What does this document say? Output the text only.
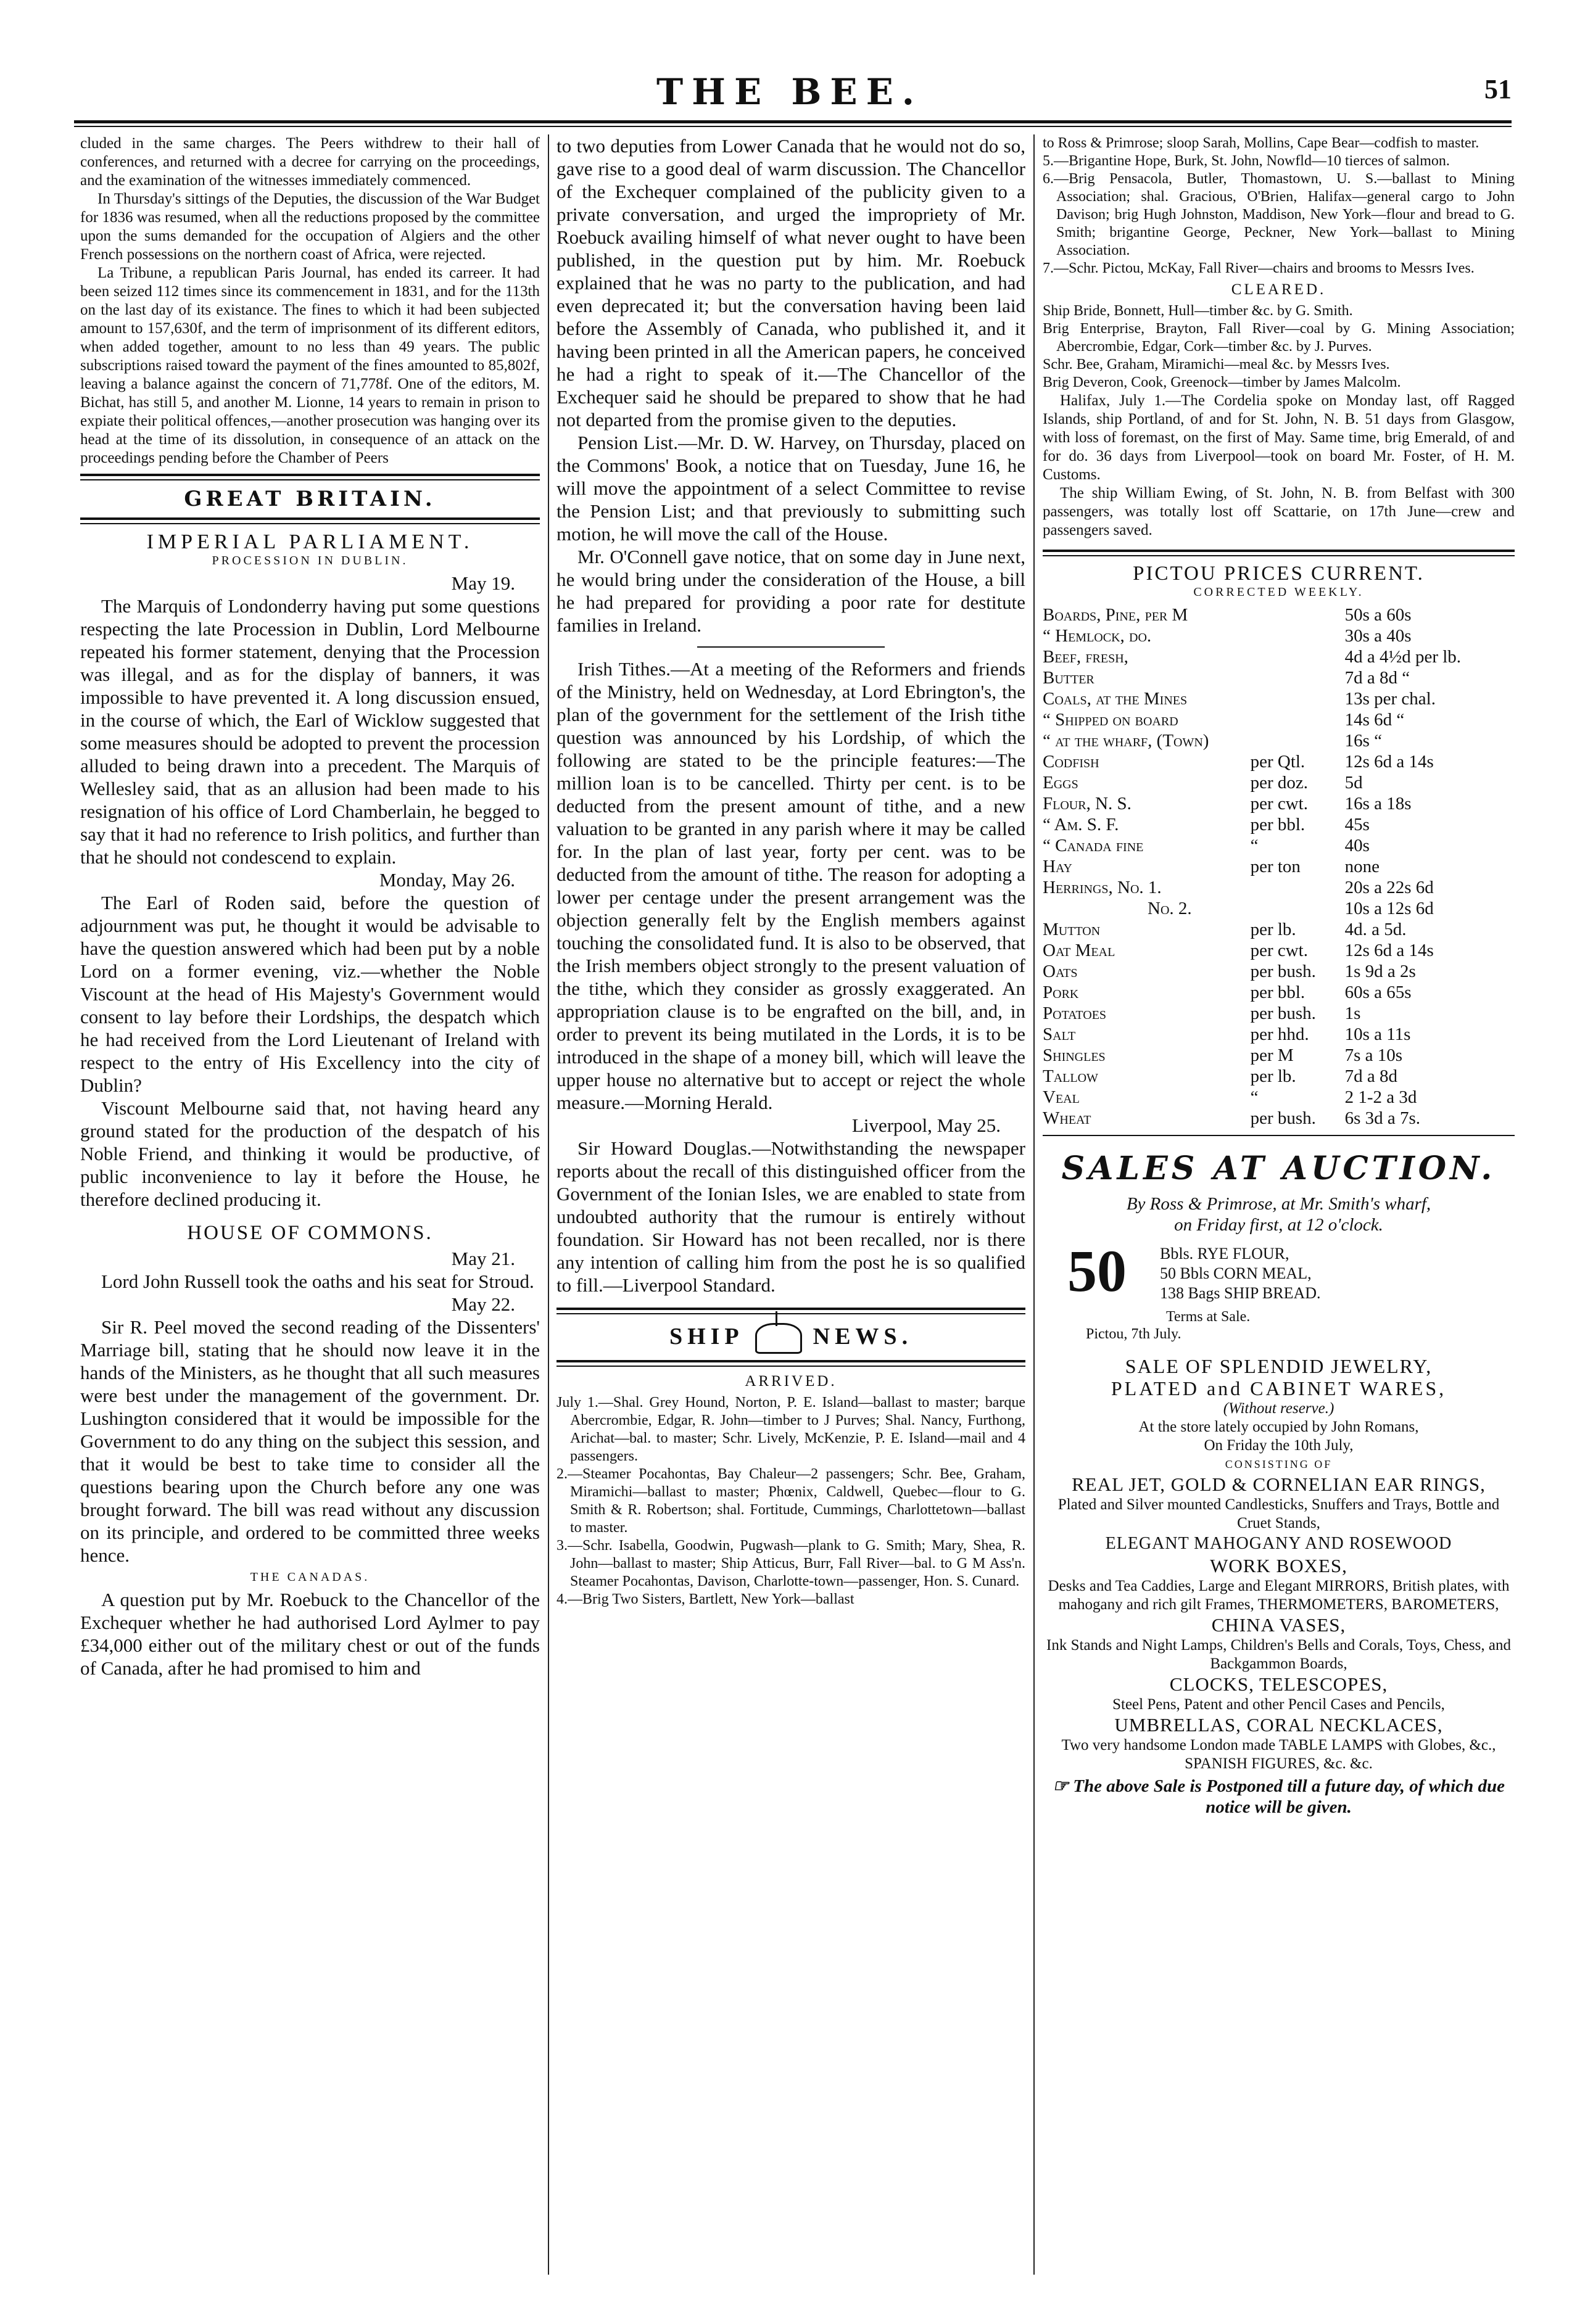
THE BEE.	51

cluded in the same charges. The Peers withdrew to their hall of conferences, and returned with a decree for carrying on the proceedings, and the examination of the witnesses immediately commenced.

In Thursday's sittings of the Deputies, the discussion of the War Budget for 1836 was resumed, when all the reductions proposed by the committee upon the sums demanded for the occupation of Algiers and the other French possessions on the northern coast of Africa, were rejected.

La Tribune, a republican Paris Journal, has ended its carreer. It had been seized 112 times since its commencement in 1831, and for the 113th on the last day of its existance. The fines to which it had been subjected amount to 157,630f, and the term of imprisonment of its different editors, when added together, amount to no less than 49 years. The public subscriptions raised toward the payment of the fines amounted to 85,802f, leaving a balance against the concern of 71,778f. One of the editors, M. Bichat, has still 5, and another M. Lionne, 14 years to remain in prison to expiate their political offences,—another prosecution was hanging over its head at the time of its dissolution, in consequence of an attack on the proceedings pending before the Chamber of Peers

GREAT BRITAIN.
IMPERIAL PARLIAMENT.
PROCESSION IN DUBLIN.

May 19.

The Marquis of Londonderry having put some questions respecting the late Procession in Dublin, Lord Melbourne repeated his former statement, denying that the Procession was illegal, and as for the display of banners, it was impossible to have prevented it. A long discussion ensued, in the course of which, the Earl of Wicklow suggested that some measures should be adopted to prevent the procession alluded to being drawn into a precedent. The Marquis of Wellesley said, that as an allusion had been made to his resignation of his office of Lord Chamberlain, he begged to say that it had no reference to Irish politics, and further than that he should not condescend to explain.

Monday, May 26.

The Earl of Roden said, before the question of adjournment was put, he thought it would be advisable to have the question answered which had been put by a noble Lord on a former evening, viz.—whether the Noble Viscount at the head of His Majesty's Government would consent to lay before their Lordships, the despatch which he had received from the Lord Lieutenant of Ireland with respect to the entry of His Excellency into the city of Dublin?

Viscount Melbourne said that, not having heard any ground stated for the production of the despatch of his Noble Friend, and thinking it would be productive, of public inconvenience to lay it before the House, he therefore declined producing it.

HOUSE OF COMMONS.

May 21.

Lord John Russell took the oaths and his seat for Stroud.

May 22.

Sir R. Peel moved the second reading of the Dissenters' Marriage bill, stating that he should now leave it in the hands of the Ministers, as he thought that all such measures were best under the management of the government. Dr. Lushington considered that it would be impossible for the Government to do any thing on the subject this session, and that it would be best to take time to consider all the questions bearing upon the Church before any one was brought forward. The bill was read without any discussion on its principle, and ordered to be committed three weeks hence.

THE CANADAS.

A question put by Mr. Roebuck to the Chancellor of the Exchequer whether he had authorised Lord Aylmer to pay £34,000 either out of the military chest or out of the funds of Canada, after he had promised to him and

to two deputies from Lower Canada that he would not do so, gave rise to a good deal of warm discussion. The Chancellor of the Exchequer complained of the publicity given to a private conversation, and urged the impropriety of Mr. Roebuck availing himself of what never ought to have been published, in the question put by him. Mr. Roebuck explained that he was no party to the publication, and had even deprecated it; but the conversation having been laid before the Assembly of Canada, who published it, and it having been printed in all the American papers, he conceived he had a right to speak of it.—The Chancellor of the Exchequer said he should be prepared to show that he had not departed from the promise given to the deputies.

Pension List.—Mr. D. W. Harvey, on Thursday, placed on the Commons' Book, a notice that on Tuesday, June 16, he will move the appointment of a select Committee to revise the Pension List; and that previously to submitting such motion, he will move the call of the House.

Mr. O'Connell gave notice, that on some day in June next, he would bring under the consideration of the House, a bill he had prepared for providing a poor rate for destitute families in Ireland.

Irish Tithes.—At a meeting of the Reformers and friends of the Ministry, held on Wednesday, at Lord Ebrington's, the plan of the government for the settlement of the Irish tithe question was announced by his Lordship, of which the following are stated to be the principle features:—The million loan is to be cancelled. Thirty per cent. is to be deducted from the present amount of tithe, and a new valuation to be granted in any parish where it may be called for. In the plan of last year, forty per cent. was to be deducted from the amount of tithe. The reason for adopting a lower per centage under the present arrangement was the objection generally felt by the English members against touching the consolidated fund. It is also to be observed, that the Irish members object strongly to the present valuation of the tithe, which they consider as grossly exaggerated. An appropriation clause is to be engrafted on the bill, and, in order to prevent its being mutilated in the Lords, it is to be introduced in the shape of a money bill, which will leave the upper house no alternative but to accept or reject the whole measure.—Morning Herald.

Liverpool, May 25.

Sir Howard Douglas.—Notwithstanding the newspaper reports about the recall of this distinguished officer from the Government of the Ionian Isles, we are enabled to state from undoubted authority that the rumour is entirely without foundation. Sir Howard has not been recalled, nor is there any intention of calling him from the post he is so qualified to fill.—Liverpool Standard.

SHIP	NEWS.
ARRIVED.

July 1.—Shal. Grey Hound, Norton, P. E. Island—ballast to master; barque Abercrombie, Edgar, R. John—timber to J Purves; Shal. Nancy, Furthong, Arichat—bal. to master; Schr. Lively, McKenzie, P. E. Island—mail and 4 passengers.

2.—Steamer Pocahontas, Bay Chaleur—2 passengers; Schr. Bee, Graham, Miramichi—ballast to master; Phœnix, Caldwell, Quebec—flour to G. Smith & R. Robertson; shal. Fortitude, Cummings, Charlottetown—ballast to master.

3.—Schr. Isabella, Goodwin, Pugwash—plank to G. Smith; Mary, Shea, R. John—ballast to master; Ship Atticus, Burr, Fall River—bal. to G M Ass'n. Steamer Pocahontas, Davison, Charlotte-town—passenger, Hon. S. Cunard.

4.—Brig Two Sisters, Bartlett, New York—ballast

to Ross & Primrose; sloop Sarah, Mollins, Cape Bear—codfish to master.

5.—Brigantine Hope, Burk, St. John, Nowfld—10 tierces of salmon.

6.—Brig Pensacola, Butler, Thomastown, U. S.—ballast to Mining Association; shal. Gracious, O'Brien, Halifax—general cargo to John Davison; brig Hugh Johnston, Maddison, New York—flour and bread to G. Smith; brigantine George, Peckner, New York—ballast to Mining Association.

7.—Schr. Pictou, McKay, Fall River—chairs and brooms to Messrs Ives.

CLEARED.

Ship Bride, Bonnett, Hull—timber &c. by G. Smith.

Brig Enterprise, Brayton, Fall River—coal by G. Mining Association; Abercrombie, Edgar, Cork—timber &c. by J. Purves.

Schr. Bee, Graham, Miramichi—meal &c. by Messrs Ives.

Brig Deveron, Cook, Greenock—timber by James Malcolm.

Halifax, July 1.—The Cordelia spoke on Monday last, off Ragged Islands, ship Portland, of and for St. John, N. B. 51 days from Glasgow, with loss of foremast, on the first of May. Same time, brig Emerald, of and for do. 36 days from Liverpool—took on board Mr. Foster, of H. M. Customs.

The ship William Ewing, of St. John, N. B. from Belfast with 300 passengers, was totally lost off Scattarie, on 17th June—crew and passengers saved.

PICTOU PRICES CURRENT.
CORRECTED WEEKLY.
Boards, Pine, per M		50s a 60s
“ Hemlock, do.		30s a 40s
Beef, fresh,		4d a 4½d per lb.
Butter		7d a 8d “
Coals, at the Mines		13s per chal.
“ Shipped on board		14s 6d “
“ at the wharf, (Town)		16s “
Codfish	per Qtl.	12s 6d a 14s
Eggs	per doz.	5d
Flour, N. S.	per cwt.	16s a 18s
“ Am. S. F.	per bbl.	45s
“ Canada fine	“	40s
Hay	per ton	none
Herrings, No. 1.		20s a 22s 6d
No. 2.		10s a 12s 6d
Mutton	per lb.	4d. a 5d.
Oat Meal	per cwt.	12s 6d a 14s
Oats	per bush.	1s 9d a 2s
Pork	per bbl.	60s a 65s
Potatoes	per bush.	1s
Salt	per hhd.	10s a 11s
Shingles	per M	7s a 10s
Tallow	per lb.	7d a 8d
Veal	“	2 1-2 a 3d
Wheat	per bush.	6s 3d a 7s.
SALES AT AUCTION.
By Ross & Primrose, at Mr. Smith's wharf,
on Friday first, at 12 o'clock.
50 Bbls. RYE FLOUR,
50 Bbls CORN MEAL,
138 Bags SHIP BREAD.
Terms at Sale.
Pictou, 7th July.
SALE OF SPLENDID JEWELRY,
PLATED and CABINET WARES,
(Without reserve.)
At the store lately occupied by John Romans,
On Friday the 10th July,
CONSISTING OF
REAL JET, GOLD & CORNELIAN EAR RINGS,
Plated and Silver mounted Candlesticks, Snuffers and Trays, Bottle and Cruet Stands,
ELEGANT MAHOGANY AND ROSEWOOD
WORK BOXES,
Desks and Tea Caddies, Large and Elegant MIRRORS, British plates, with mahogany and rich gilt Frames, THERMOMETERS, BAROMETERS,
CHINA VASES,
Ink Stands and Night Lamps, Children's Bells and Corals, Toys, Chess, and Backgammon Boards,
CLOCKS, TELESCOPES,
Steel Pens, Patent and other Pencil Cases and Pencils,
UMBRELLAS, CORAL NECKLACES,
Two very handsome London made TABLE LAMPS with Globes, &c., SPANISH FIGURES, &c. &c.
☞ The above Sale is Postponed till a future day, of which due notice will be given.
